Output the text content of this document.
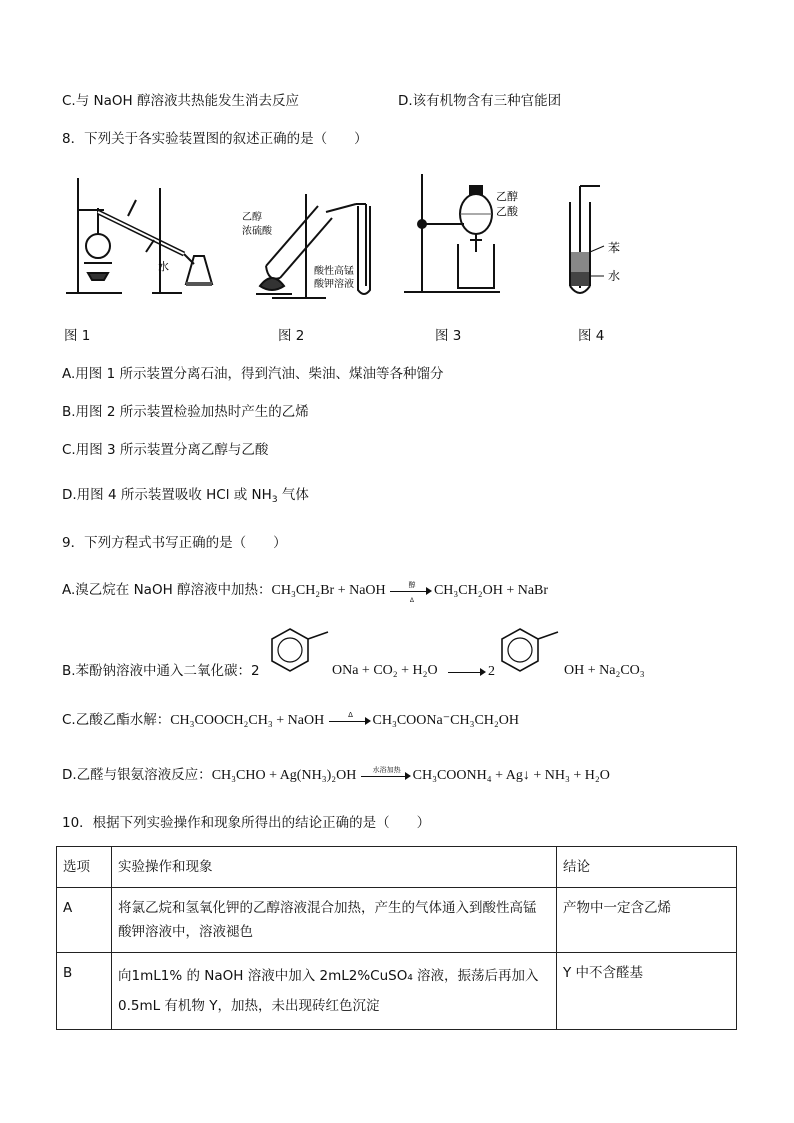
C.与 NaOH 醇溶液共热能发生消去反应	D.该有机物含有三种官能团
8．下列关于各实验装置图的叙述正确的是（　　）
水
图 1
乙醇
浓硫酸
酸性高锰
酸钾溶液
图 2
乙醇
乙酸
图 3
苯
水
图 4
A.用图 1 所示装置分离石油，得到汽油、柴油、煤油等各种馏分
B.用图 2 所示装置检验加热时产生的乙烯
C.用图 3 所示装置分离乙醇与乙酸
D.用图 4 所示装置吸收 HCl 或 $NH_3$ 气体
9．下列方程式书写正确的是（　　）
A.溴乙烷在 NaOH 醇溶液中加热：CH₃CH₂Br + NaOH	醇
Δ
CH₃CH₂OH + NaBr
B.苯酚钠溶液中通入二氧化碳：2	ONa + CO₂ + H₂O	2	OH + Na₂CO₃
C.乙酸乙酯水解：CH₃COOCH₂CH₃ + NaOH	Δ	CH₃COONa⁻CH₃CH₂OH
D.乙醛与银氨溶液反应：CH₃CHO + Ag(NH₃)₂OH	水浴加热 CH₃COONH₄ + Ag↓ + NH₃ + H₂O
10．根据下列实验操作和现象所得出的结论正确的是（　　）
选项	实验操作和现象	结论
A	将氯乙烷和氢氧化钾的乙醇溶液混合加热，产生的气体通入到酸性高锰
酸钾溶液中，溶液褪色	产物中一定含乙烯
B	向1mL1% 的 NaOH 溶液中加入 2mL2%CuSO₄ 溶液，振荡后再加入
0.5mL 有机物 Y，加热，未出现砖红色沉淀	Y 中不含醛基
